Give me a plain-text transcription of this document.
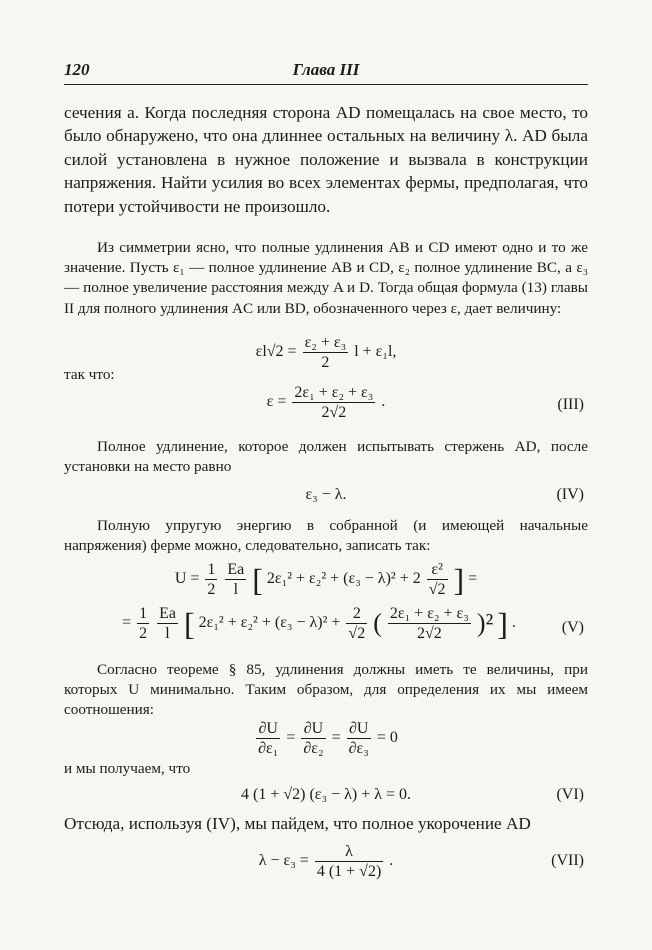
120	Глава III

сечения a. Когда последняя сторона AD помещалась на свое место, то было обнаружено, что она длиннее остальных на величину λ. AD была силой установлена в нужное положение и вызвала в конструкции напряжения. Найти усилия во всех элементах фермы, предполагая, что потери устойчивости не произошло.

Из симметрии ясно, что полные удлинения AB и CD имеют одно и то же значение. Пусть ε₁ — полное удлинение AB и CD, ε₂ полное удлинение BC, а ε₃ — полное увеличение расстояния между A и D. Тогда общая формула (13) главы II для полного удлинения AC или BD, обозначенного через ε, дает величину:

$\varepsilon l√2 = \frac{\text{ε₂ + ε₃}}{2}$ l + ε₁l,
так что:
$\varepsilon = \frac{\text{2ε₁ + ε₂ + ε₃}}{2√2}$ .	(III)

Полное удлинение, которое должен испытывать стержень AD, после установки на место равно

ε₃ − λ.	(IV)

Полную упругую энергию в собранной (и имеющей начальные напряжения) ферме можно, следовательно, записать так:

$U = \frac{1}{2}$
$\frac{Ea}{l}$ [ $2\varepsilon_1^2 + \varepsilon_2^2 + (\varepsilon_3 - \lambda)^2 + 2 \frac{\text{ε²}}{√2}$ ] =
= $\frac{1}{2}$
$\frac{Ea}{l}$ [ $2\varepsilon_1^2 + \varepsilon_2^2 + (\varepsilon_3 - \lambda)^2 + \frac{2}{√2}$ ( $\frac{\text{2ε₁ + ε₂ + ε₃}}{2√2} )^2$ ] .	(V)

Согласно теореме § 85, удлинения должны иметь те величины, при которых U минимально. Таким образом, для определения их мы имеем соотношения:

$\frac{\partial U}{\text{∂ε₁}} = \frac{\partial U}{\text{∂ε₂}} = \frac{\partial U}{\text{∂ε₃}} = 0$
и мы получаем, что
4 (1 + √2) (ε₃ − λ) + λ = 0.	(VI)

Отсюда, используя (IV), мы пайдем, что полное укорочение AD

$\lambda - \varepsilon_3 = \frac{\lambda}{4 (1 + √2)}$ .	(VII)
